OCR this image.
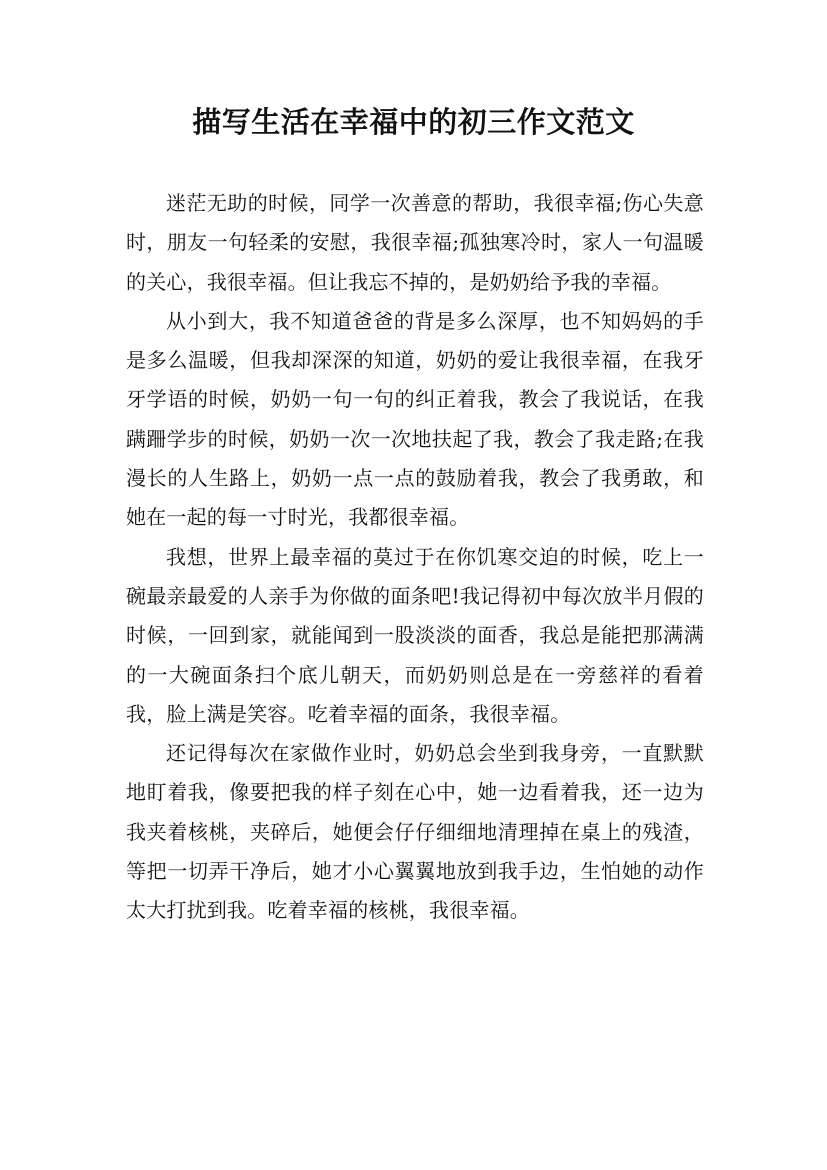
描写生活在幸福中的初三作文范文

迷茫无助的时候，同学一次善意的帮助，我很幸福;伤心失意时，朋友一句轻柔的安慰，我很幸福;孤独寒冷时，家人一句温暖的关心，我很幸福。但让我忘不掉的，是奶奶给予我的幸福。

从小到大，我不知道爸爸的背是多么深厚，也不知妈妈的手是多么温暖，但我却深深的知道，奶奶的爱让我很幸福，在我牙牙学语的时候，奶奶一句一句的纠正着我，教会了我说话，在我蹒跚学步的时候，奶奶一次一次地扶起了我，教会了我走路;在我漫长的人生路上，奶奶一点一点的鼓励着我，教会了我勇敢，和她在一起的每一寸时光，我都很幸福。

我想，世界上最幸福的莫过于在你饥寒交迫的时候，吃上一碗最亲最爱的人亲手为你做的面条吧!我记得初中每次放半月假的时候，一回到家，就能闻到一股淡淡的面香，我总是能把那满满的一大碗面条扫个底儿朝天，而奶奶则总是在一旁慈祥的看着我，脸上满是笑容。吃着幸福的面条，我很幸福。

还记得每次在家做作业时，奶奶总会坐到我身旁，一直默默地盯着我，像要把我的样子刻在心中，她一边看着我，还一边为我夹着核桃，夹碎后，她便会仔仔细细地清理掉在桌上的残渣，等把一切弄干净后，她才小心翼翼地放到我手边，生怕她的动作太大打扰到我。吃着幸福的核桃，我很幸福。
